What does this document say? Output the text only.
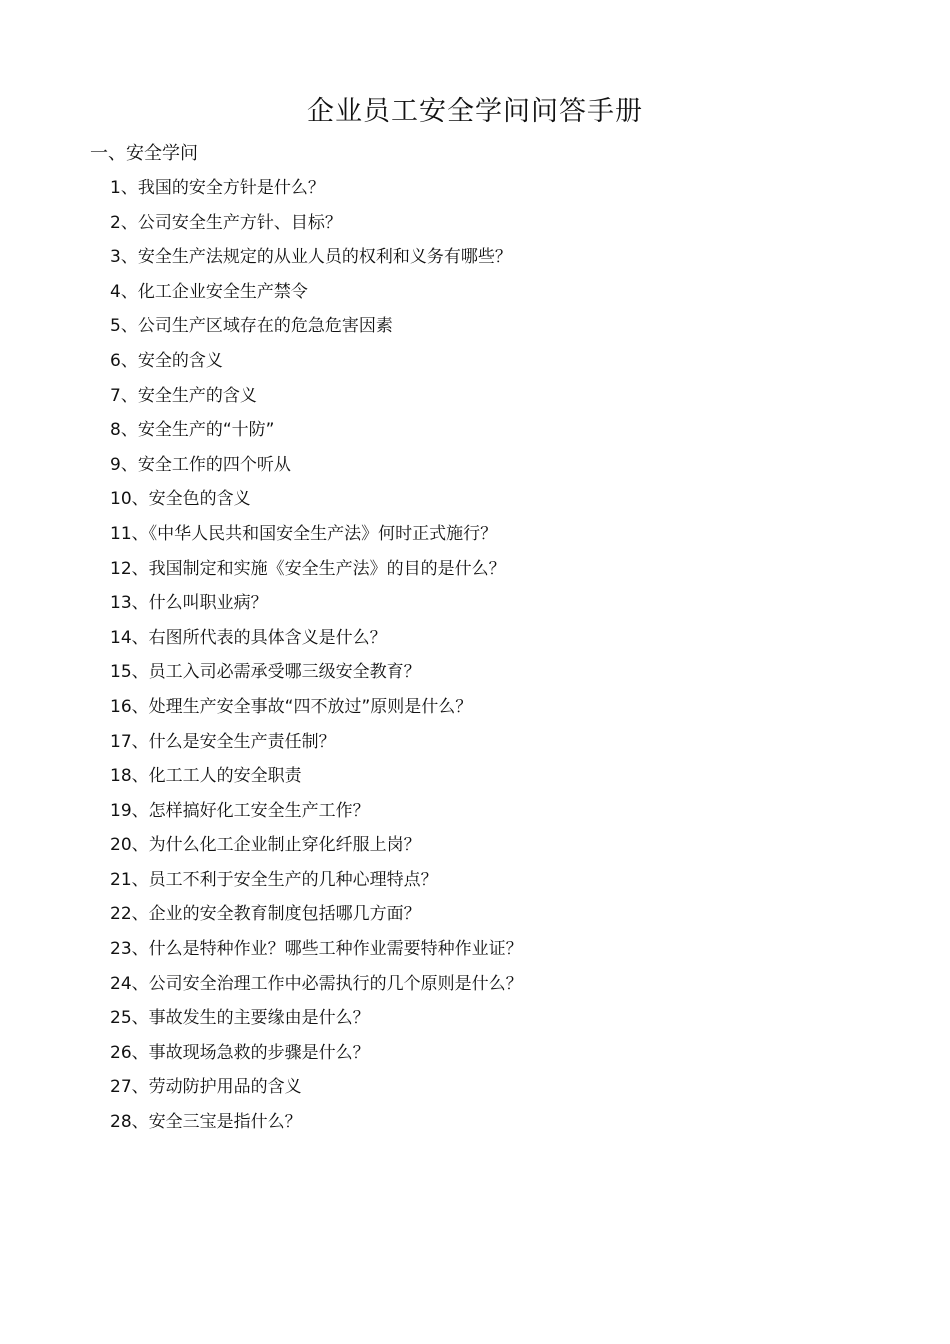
企业员工安全学问问答手册
一、安全学问
1、我国的安全方针是什么？
2、公司安全生产方针、目标？
3、安全生产法规定的从业人员的权利和义务有哪些？
4、化工企业安全生产禁令
5、公司生产区域存在的危急危害因素
6、安全的含义
7、安全生产的含义
8、安全生产的“十防”
9、安全工作的四个听从
10、安全色的含义
11、《中华人民共和国安全生产法》何时正式施行？
12、我国制定和实施《安全生产法》的目的是什么？
13、什么叫职业病？
14、右图所代表的具体含义是什么？
15、员工入司必需承受哪三级安全教育？
16、处理生产安全事故“四不放过”原则是什么？
17、什么是安全生产责任制？
18、化工工人的安全职责
19、怎样搞好化工安全生产工作？
20、为什么化工企业制止穿化纤服上岗？
21、员工不利于安全生产的几种心理特点？
22、企业的安全教育制度包括哪几方面？
23、什么是特种作业？哪些工种作业需要特种作业证？
24、公司安全治理工作中必需执行的几个原则是什么？
25、事故发生的主要缘由是什么？
26、事故现场急救的步骤是什么？
27、劳动防护用品的含义
28、安全三宝是指什么？
